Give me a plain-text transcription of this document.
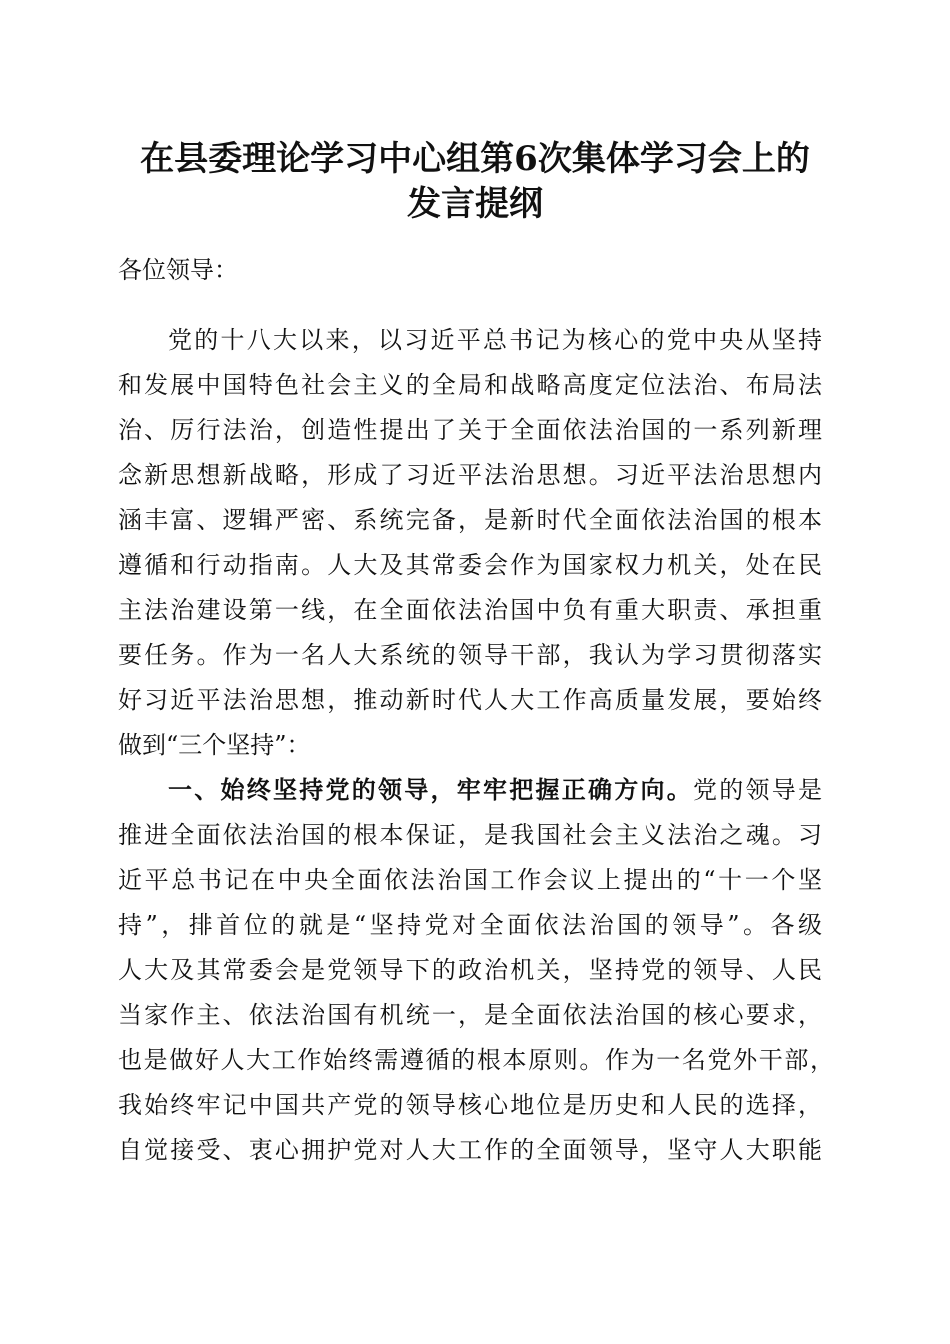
在县委理论学习中心组第6次集体学习会上的
发言提纲
各位领导：
党的十八大以来，以习近平总书记为核心的党中央从坚持
和发展中国特色社会主义的全局和战略高度定位法治、布局法
治、厉行法治，创造性提出了关于全面依法治国的一系列新理
念新思想新战略，形成了习近平法治思想。习近平法治思想内
涵丰富、逻辑严密、系统完备，是新时代全面依法治国的根本
遵循和行动指南。人大及其常委会作为国家权力机关，处在民
主法治建设第一线，在全面依法治国中负有重大职责、承担重
要任务。作为一名人大系统的领导干部，我认为学习贯彻落实
好习近平法治思想，推动新时代人大工作高质量发展，要始终
做到“三个坚持”：
一、始终坚持党的领导，牢牢把握正确方向。党的领导是
推进全面依法治国的根本保证，是我国社会主义法治之魂。习
近平总书记在中央全面依法治国工作会议上提出的“十一个坚
持”，排首位的就是“坚持党对全面依法治国的领导”。各级
人大及其常委会是党领导下的政治机关，坚持党的领导、人民
当家作主、依法治国有机统一，是全面依法治国的核心要求，
也是做好人大工作始终需遵循的根本原则。作为一名党外干部，
我始终牢记中国共产党的领导核心地位是历史和人民的选择，
自觉接受、衷心拥护党对人大工作的全面领导，坚守人大职能
